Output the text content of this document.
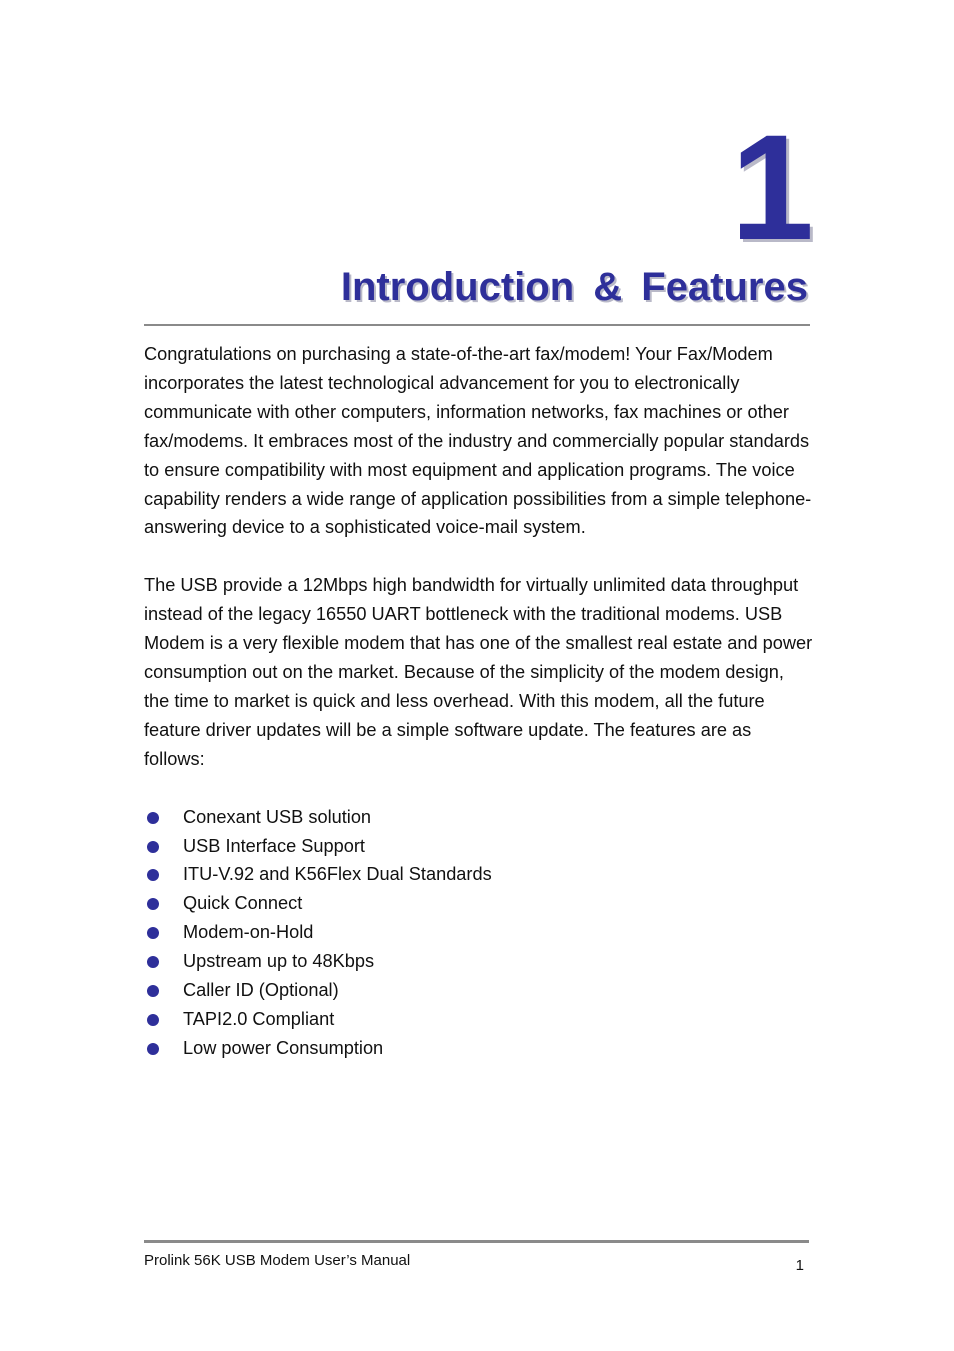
1
Introduction & Features

Congratulations on purchasing a state-of-the-art fax/modem! Your Fax/Modem incorporates the latest technological advancement for you to electronically communicate with other computers, information networks, fax machines or other fax/modems. It embraces most of the industry and commercially popular standards to ensure compatibility with most equipment and application programs. The voice capability renders a wide range of application possibilities from a simple telephone-answering device to a sophisticated voice-mail system.

The USB provide a 12Mbps high bandwidth for virtually unlimited data throughput instead of the legacy 16550 UART bottleneck with the traditional modems. USB Modem is a very flexible modem that has one of the smallest real estate and power consumption out on the market. Because of the simplicity of the modem design, the time to market is quick and less overhead. With this modem, all the future feature driver updates will be a simple software update. The features are as follows:

Conexant USB solution
USB Interface Support
ITU-V.92 and K56Flex Dual Standards
Quick Connect
Modem-on-Hold
Upstream up to 48Kbps
Caller ID (Optional)
TAPI2.0 Compliant
Low power Consumption
Prolink 56K USB Modem User’s Manual	1
